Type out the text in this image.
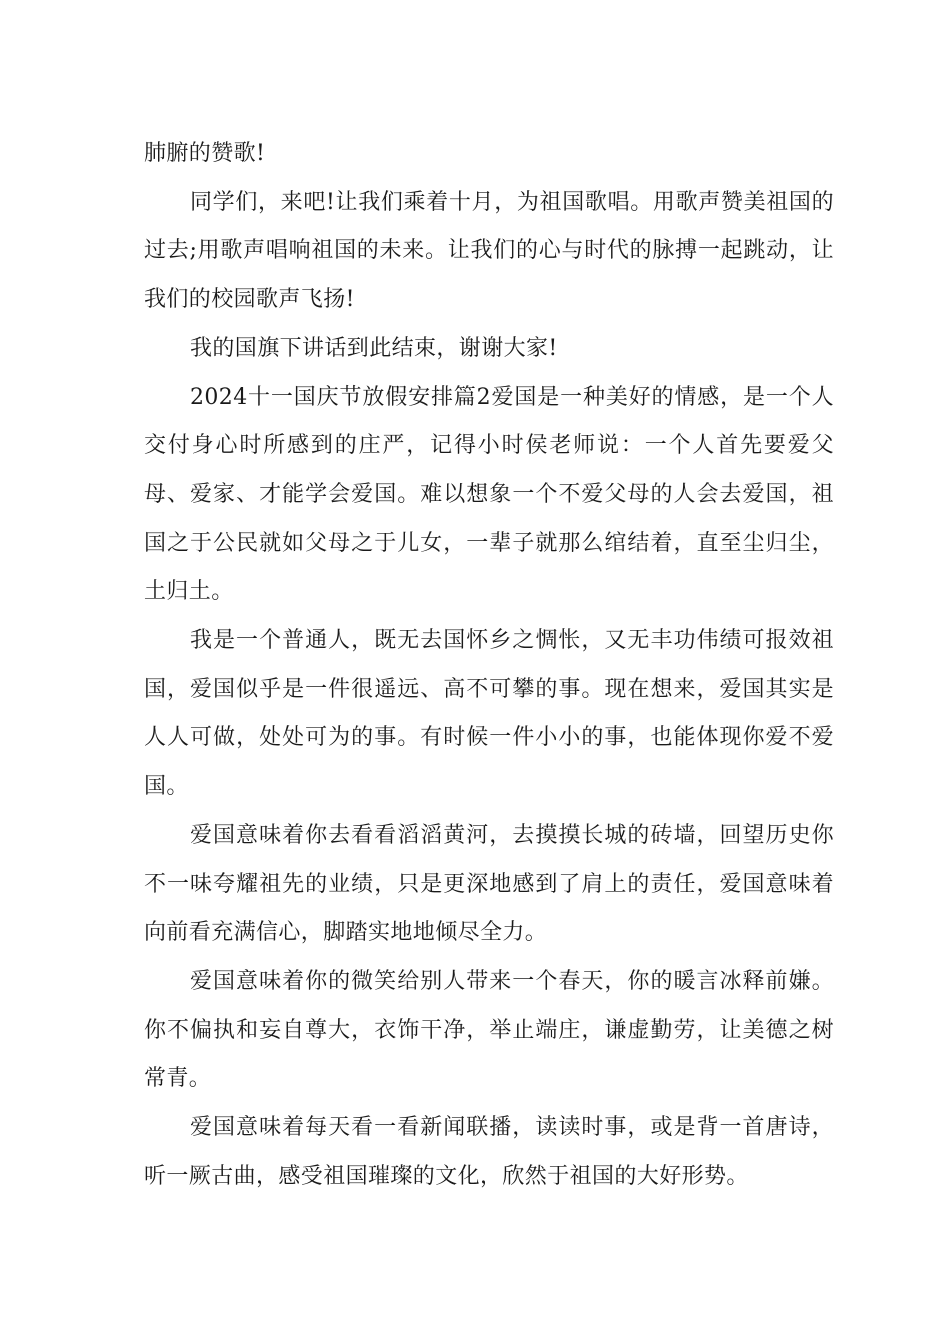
肺腑的赞歌!

同学们，来吧!让我们乘着十月，为祖国歌唱。用歌声赞美祖国的过去;用歌声唱响祖国的未来。让我们的心与时代的脉搏一起跳动，让我们的校园歌声飞扬!

我的国旗下讲话到此结束，谢谢大家!

2024十一国庆节放假安排篇2爱国是一种美好的情感，是一个人交付身心时所感到的庄严，记得小时侯老师说：一个人首先要爱父母、爱家、才能学会爱国。难以想象一个不爱父母的人会去爱国，祖国之于公民就如父母之于儿女，一辈子就那么绾结着，直至尘归尘，土归土。

我是一个普通人，既无去国怀乡之惆怅，又无丰功伟绩可报效祖国，爱国似乎是一件很遥远、高不可攀的事。现在想来，爱国其实是人人可做，处处可为的事。有时候一件小小的事，也能体现你爱不爱国。

爱国意味着你去看看滔滔黄河，去摸摸长城的砖墙，回望历史你不一味夸耀祖先的业绩，只是更深地感到了肩上的责任，爱国意味着向前看充满信心，脚踏实地地倾尽全力。

爱国意味着你的微笑给别人带来一个春天，你的暖言冰释前嫌。你不偏执和妄自尊大，衣饰干净，举止端庄，谦虚勤劳，让美德之树常青。

爱国意味着每天看一看新闻联播，读读时事，或是背一首唐诗，听一厥古曲，感受祖国璀璨的文化，欣然于祖国的大好形势。
